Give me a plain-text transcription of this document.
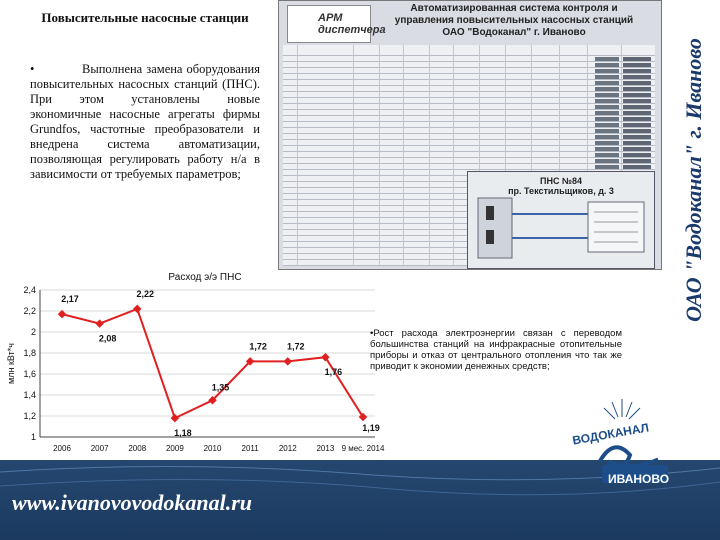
Повысительные насосные станции
•	Выполнена замена оборудования повысительных насосных станций (ПНС). При этом установлены новые экономичные насосные агрегаты фирмы Grundfos, частотные преобразователи и внедрена система автоматизации, позволяющая регулировать работу н/а в зависимости от требуемых параметров;
АРМ диспетчера
Автоматизированная система контроля и
управления повысительных насосных станций
ОАО "Водоканал" г. Иваново
ПНС №84
пр. Текстильщиков, д. 3	ОАО "Водоканал" г. Иваново
Расход э/э ПНС
1
1,2
1,4
1,6
1,8
2
2,2
2,4
млн кВт*ч
2006 2007 2008 2009 2010	2011	2012 2013 9 мес. 2014
2,17
2,08
2,22
1,18
1,35
1,72 1,72
1,76
1,19
•Рост расхода электроэнергии связан с переводом большинства станций на инфракрасные отопительные приборы и отказ от центрального отопления что так же приводит к экономии денежных средств;
www.ivanovovodokanal.ru
ВОДОКАНАЛ
ИВАНОВО
